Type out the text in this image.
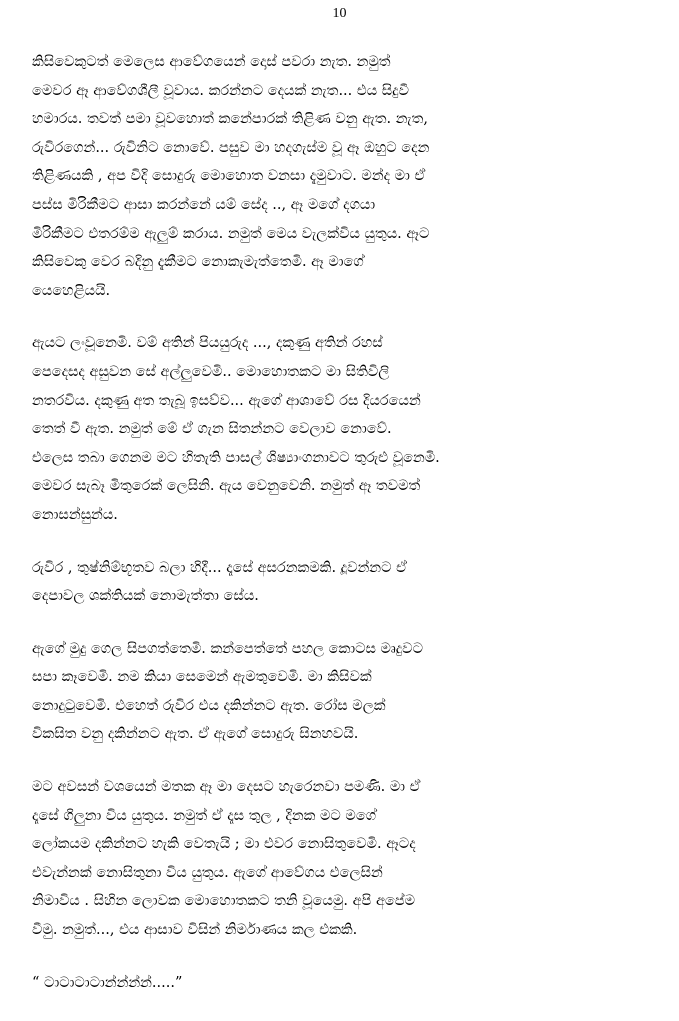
10
කිසිවෙකුටත් මෙලෙස ආවේගයෙන් දොස් පවරා නැත. නමුත්
මෙවර ඈ ආවේගශීලී වූවාය. කරන්නට දෙයක් නැත... එය සිදුවී
හමාරය. තවත් පමා වූවහොත් කනේපාරක් තිළිණ වනු ඇත. නැත,
රුවිරගෙන්... රුවිනිට නොවේ. පසුව මා හදගැස්ම වූ ඈ ඔහුට දෙන
තිළිණයකි , අප විදි සොදුරු මොහොත වනසා දැමුවාට. මන්ද මා ඒ
පස්ස මිරිකීමට ආසා කරන්නේ යම් සේද .., ඈ මගේ දගයා
මිරිකීමට එතරම්ම ඇලුම් කරාය. නමුත් මෙය වැලක්විය යුතුය. ඈට
කිසිවෙකු වෙර බදිනු දැකීමට නොකැමැත්තෙමි. ඈ මාගේ
යෙහෙළියයි.
ඇයට ලංවූනෙමි. වම් අතින් පියයුරුද ..., දකුණු අතින් රහස්
පෙදෙසද අසුවන සේ අල්ලුවෙමි.. මොහොතකට මා සිතිවිලි
නතරවිය. දකුණු අත තැබූ ඉසව්ව... ඇගේ ආශාවේ රස දියරයෙන්
තෙත් වී ඇත. නමුත් මේ ඒ ගැන සිතන්නට වෙලාව නොවේ.
එලෙස තබා ගෙනම මට හිතැති පාසල් ශිෂ්‍යාංගනාවට තුරුළු වූනෙමි.
මෙවර සැබෑ මිතුරෙක් ලෙසිනි. ඇය වෙනුවෙනි. නමුත් ඈ තවමත්
නොසන්සුන්ය.
රුවිර , තුෂ්නිම්භූතව බලා හිදී... දෑසේ අසරනකමකි. දූවන්නට ඒ
දෙපාවල ශක්තියක් නොමැත්තා සේය.
ඇගේ මුදු ගෙල සිපගත්තෙමි. කන්පෙත්තේ පහල කොටස මෘදුවට
සපා කෑවෙමි. නම කියා සෙමෙන් ඇමතුවෙමි. මා කිසිවක්
නොදුටුවෙමි. එහෙත් රුවිර එය දකින්නට ඇත. රෝස මලක්
විකසිත වනු දකින්නට ඇත. ඒ ඇගේ සොදුරු සිනහවයි.
මට අවසන් වශයෙන් මතක ඈ මා දෙසට හැරෙනවා පමණි. මා ඒ
දෑසේ ගිලුනා විය යුතුය. නමුත් ඒ දෑස තුල , දිනක මට මගේ
ලෝකයම දකින්නට හැකි වෙතැයි ; මා එවර නොසිතුවෙමි. ඈටද
එවැන්නක් නොසිතුනා විය යුතුය. ඇගේ ආවේගය එලෙසින්
නිමාවිය . සිහින ලොවක මොහොතකට තනි වූයෙමු. අපි අපේම
වීමු. නමුත්..., එය ආසාව විසින් නිර්මාණය කල එකකි.
“ ටාටාටාටාන්න්න්න්.....”
